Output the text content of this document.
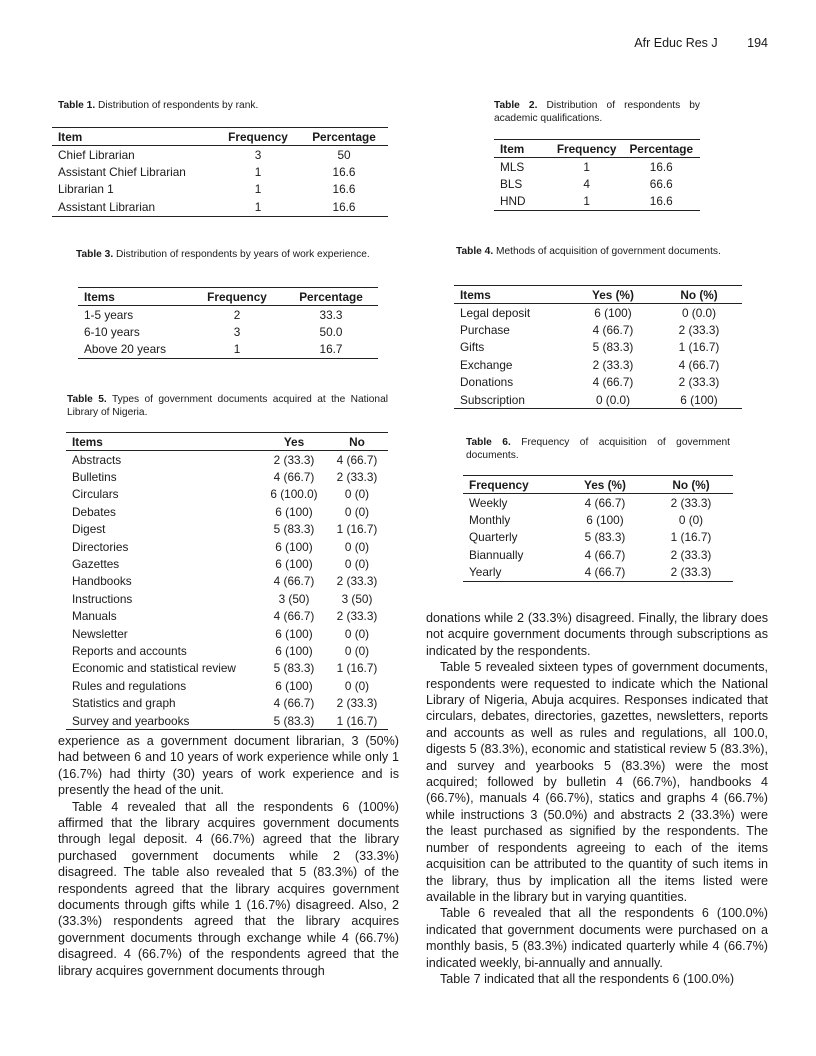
Afr Educ Res J 194
Table 1. Distribution of respondents by rank.
Item	Frequency	Percentage
Chief Librarian	3	50
Assistant Chief Librarian	1	16.6
Librarian 1	1	16.6
Assistant Librarian	1	16.6
Table 2. Distribution of respondents by academic qualifications.
Item	Frequency	Percentage
MLS	1	16.6
BLS	4	66.6
HND	1	16.6
Table 3. Distribution of respondents by years of work experience.
Items	Frequency	Percentage
1-5 years	2	33.3
6-10 years	3	50.0
Above 20 years	1	16.7
Table 4. Methods of acquisition of government documents.
Items	Yes (%)	No (%)
Legal deposit	6 (100)	0 (0.0)
Purchase	4 (66.7)	2 (33.3)
Gifts	5 (83.3)	1 (16.7)
Exchange	2 (33.3)	4 (66.7)
Donations	4 (66.7)	2 (33.3)
Subscription	0 (0.0)	6 (100)
Table 5. Types of government documents acquired at the National Library of Nigeria.
Items	Yes	No
Abstracts	2 (33.3)	4 (66.7)
Bulletins	4 (66.7)	2 (33.3)
Circulars	6 (100.0)	0 (0)
Debates	6 (100)	0 (0)
Digest	5 (83.3)	1 (16.7)
Directories	6 (100)	0 (0)
Gazettes	6 (100)	0 (0)
Handbooks	4 (66.7)	2 (33.3)
Instructions	3 (50)	3 (50)
Manuals	4 (66.7)	2 (33.3)
Newsletter	6 (100)	0 (0)
Reports and accounts	6 (100)	0 (0)
Economic and statistical review	5 (83.3)	1 (16.7)
Rules and regulations	6 (100)	0 (0)
Statistics and graph	4 (66.7)	2 (33.3)
Survey and yearbooks	5 (83.3)	1 (16.7)
Table 6. Frequency of acquisition of government documents.
Frequency	Yes (%)	No (%)
Weekly	4 (66.7)	2 (33.3)
Monthly	6 (100)	0 (0)
Quarterly	5 (83.3)	1 (16.7)
Biannually	4 (66.7)	2 (33.3)
Yearly	4 (66.7)	2 (33.3)

experience as a government document librarian, 3 (50%) had between 6 and 10 years of work experience while only 1 (16.7%) had thirty (30) years of work experience and is presently the head of the unit.

Table 4 revealed that all the respondents 6 (100%) affirmed that the library acquires government documents through legal deposit. 4 (66.7%) agreed that the library purchased government documents while 2 (33.3%) disagreed. The table also revealed that 5 (83.3%) of the respondents agreed that the library acquires government documents through gifts while 1 (16.7%) disagreed. Also, 2 (33.3%) respondents agreed that the library acquires government documents through exchange while 4 (66.7%) disagreed. 4 (66.7%) of the respondents agreed that the library acquires government documents through

donations while 2 (33.3%) disagreed. Finally, the library does not acquire government documents through subscriptions as indicated by the respondents.

Table 5 revealed sixteen types of government documents, respondents were requested to indicate which the National Library of Nigeria, Abuja acquires. Responses indicated that circulars, debates, directories, gazettes, newsletters, reports and accounts as well as rules and regulations, all 100.0, digests 5 (83.3%), economic and statistical review 5 (83.3%), and survey and yearbooks 5 (83.3%) were the most acquired; followed by bulletin 4 (66.7%), handbooks 4 (66.7%), manuals 4 (66.7%), statics and graphs 4 (66.7%) while instructions 3 (50.0%) and abstracts 2 (33.3%) were the least purchased as signified by the respondents. The number of respondents agreeing to each of the items acquisition can be attributed to the quantity of such items in the library, thus by implication all the items listed were available in the library but in varying quantities.

Table 6 revealed that all the respondents 6 (100.0%) indicated that government documents were purchased on a monthly basis, 5 (83.3%) indicated quarterly while 4 (66.7%) indicated weekly, bi-annually and annually.

Table 7 indicated that all the respondents 6 (100.0%)
